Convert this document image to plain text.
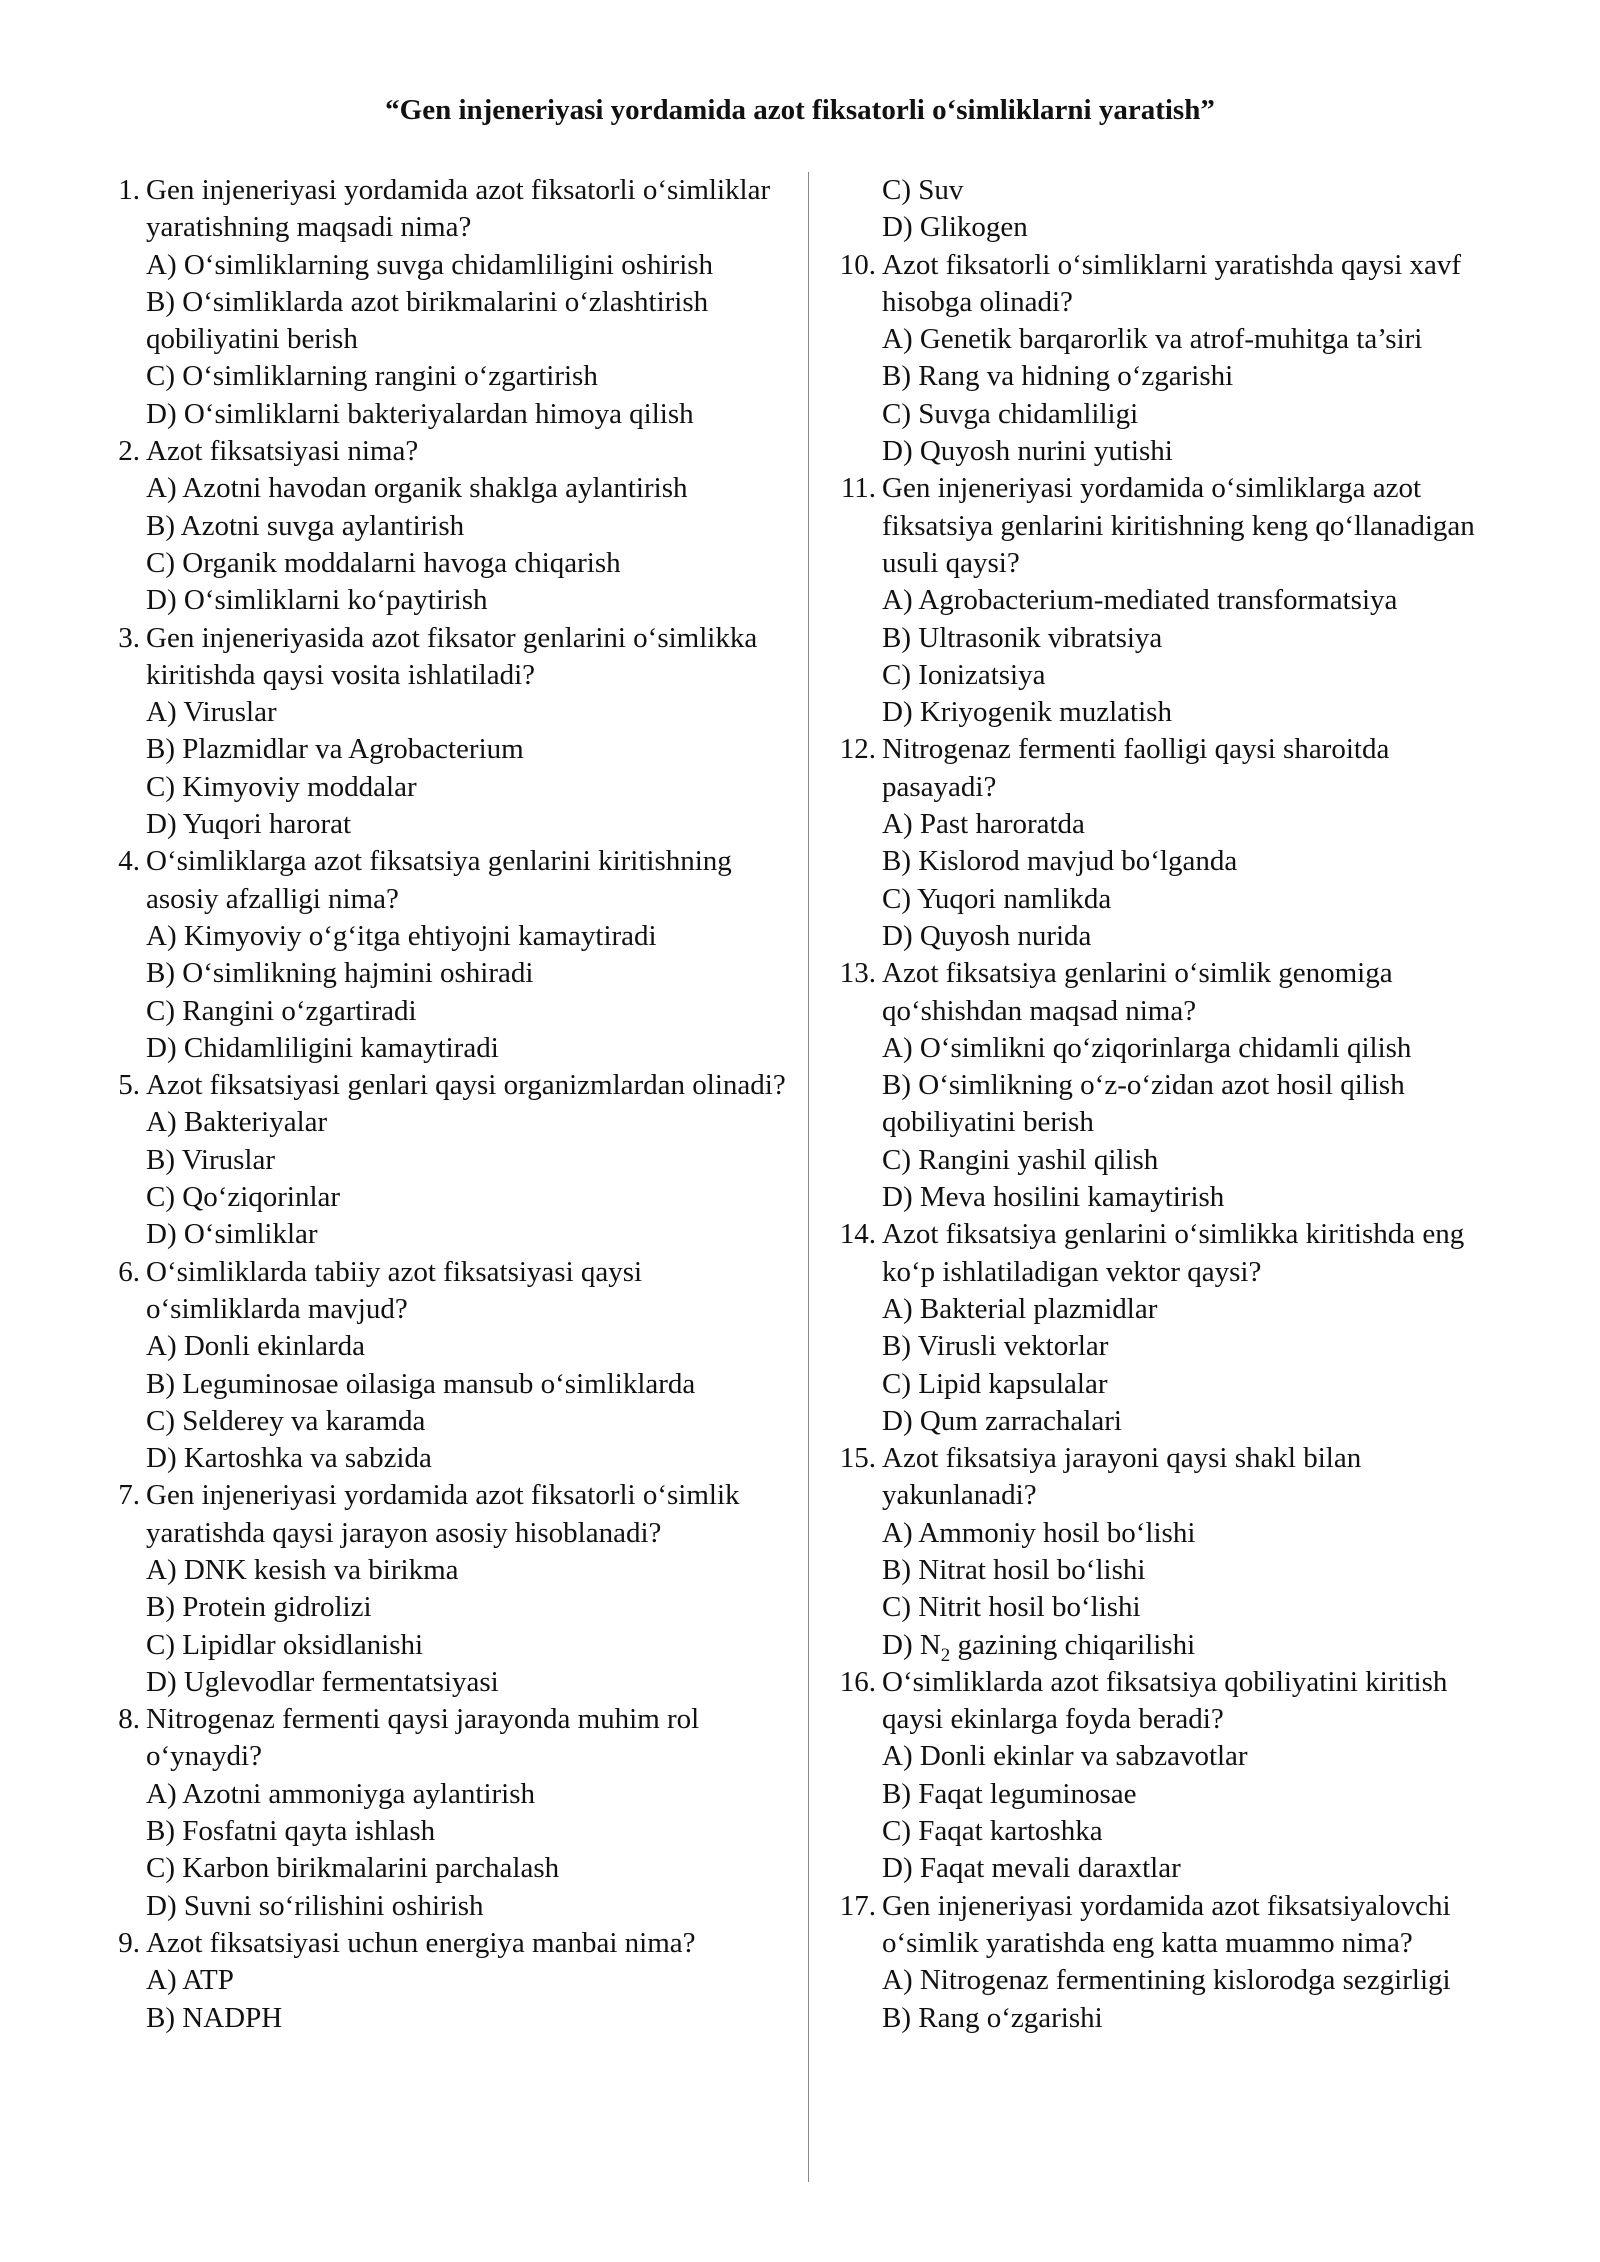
“Gen injeneriyasi yordamida azot fiksatorli o‘simliklarni yaratish”
1. Gen injeneriyasi yordamida azot fiksatorli o‘simliklar yaratishning maqsadi nima?
A) O‘simliklarning suvga chidamliligini oshirish
B) O‘simliklarda azot birikmalarini o‘zlashtirish qobiliyatini berish
C) O‘simliklarning rangini o‘zgartirish
D) O‘simliklarni bakteriyalardan himoya qilish
2. Azot fiksatsiyasi nima?
A) Azotni havodan organik shaklga aylantirish
B) Azotni suvga aylantirish
C) Organik moddalarni havoga chiqarish
D) O‘simliklarni ko‘paytirish
3. Gen injeneriyasida azot fiksator genlarini o‘simlikka kiritishda qaysi vosita ishlatiladi?
A) Viruslar
B) Plazmidlar va Agrobacterium
C) Kimyoviy moddalar
D) Yuqori harorat
4. O‘simliklarga azot fiksatsiya genlarini kiritishning asosiy afzalligi nima?
A) Kimyoviy o‘g‘itga ehtiyojni kamaytiradi
B) O‘simlikning hajmini oshiradi
C) Rangini o‘zgartiradi
D) Chidamliligini kamaytiradi
5. Azot fiksatsiyasi genlari qaysi organizmlardan olinadi?
A) Bakteriyalar
B) Viruslar
C) Qo‘ziqorinlar
D) O‘simliklar
6. O‘simliklarda tabiiy azot fiksatsiyasi qaysi o‘simliklarda mavjud?
A) Donli ekinlarda
B) Leguminosae oilasiga mansub o‘simliklarda
C) Selderey va karamda
D) Kartoshka va sabzida
7. Gen injeneriyasi yordamida azot fiksatorli o‘simlik yaratishda qaysi jarayon asosiy hisoblanadi?
A) DNK kesish va birikma
B) Protein gidrolizi
C) Lipidlar oksidlanishi
D) Uglevodlar fermentatsiyasi
8. Nitrogenaz fermenti qaysi jarayonda muhim rol o‘ynaydi?
A) Azotni ammoniyga aylantirish
B) Fosfatni qayta ishlash
C) Karbon birikmalarini parchalash
D) Suvni so‘rilishini oshirish
9. Azot fiksatsiyasi uchun energiya manbai nima?
A) ATP
B) NADPH
C) Suv
D) Glikogen
10. Azot fiksatorli o‘simliklarni yaratishda qaysi xavf hisobga olinadi?
A) Genetik barqarorlik va atrof-muhitga ta’siri
B) Rang va hidning o‘zgarishi
C) Suvga chidamliligi
D) Quyosh nurini yutishi
11. Gen injeneriyasi yordamida o‘simliklarga azot fiksatsiya genlarini kiritishning keng qo‘llanadigan usuli qaysi?
A) Agrobacterium-mediated transformatsiya
B) Ultrasonik vibratsiya
C) Ionizatsiya
D) Kriyogenik muzlatish
12. Nitrogenaz fermenti faolligi qaysi sharoitda pasayadi?
A) Past haroratda
B) Kislorod mavjud bo‘lganda
C) Yuqori namlikda
D) Quyosh nurida
13. Azot fiksatsiya genlarini o‘simlik genomiga qo‘shishdan maqsad nima?
A) O‘simlikni qo‘ziqorinlarga chidamli qilish
B) O‘simlikning o‘z-o‘zidan azot hosil qilish qobiliyatini berish
C) Rangini yashil qilish
D) Meva hosilini kamaytirish
14. Azot fiksatsiya genlarini o‘simlikka kiritishda eng ko‘p ishlatiladigan vektor qaysi?
A) Bakterial plazmidlar
B) Virusli vektorlar
C) Lipid kapsulalar
D) Qum zarrachalari
15. Azot fiksatsiya jarayoni qaysi shakl bilan yakunlanadi?
A) Ammoniy hosil bo‘lishi
B) Nitrat hosil bo‘lishi
C) Nitrit hosil bo‘lishi
D) $N_2$ gazining chiqarilishi
16. O‘simliklarda azot fiksatsiya qobiliyatini kiritish qaysi ekinlarga foyda beradi?
A) Donli ekinlar va sabzavotlar
B) Faqat leguminosae
C) Faqat kartoshka
D) Faqat mevali daraxtlar
17. Gen injeneriyasi yordamida azot fiksatsiyalovchi o‘simlik yaratishda eng katta muammo nima?
A) Nitrogenaz fermentining kislorodga sezgirligi
B) Rang o‘zgarishi
